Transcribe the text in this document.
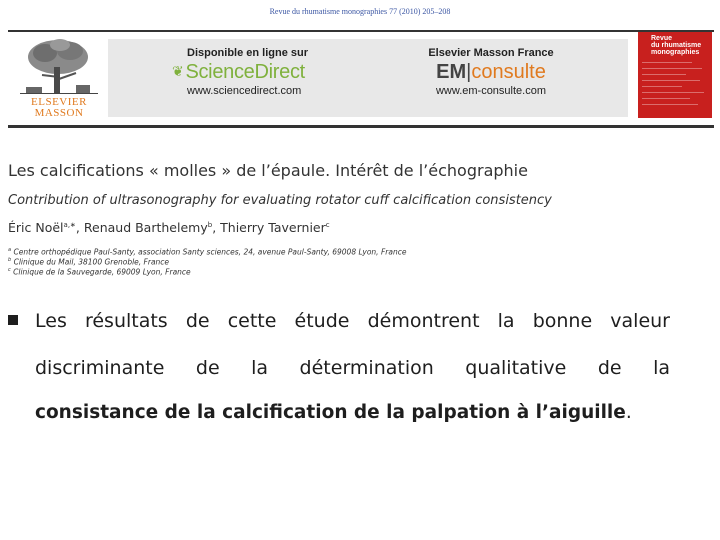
Revue du rhumatisme monographies 77 (2010) 205–208
ELSEVIER
MASSON
Disponible en ligne sur
❦ ScienceDirect
www.sciencedirect.com
Elsevier Masson France
EM|consulte
www.em-consulte.com
Revue
du rhumatisme
monographies
Les calcifications « molles » de l’épaule. Intérêt de l’échographie
Contribution of ultrasonography for evaluating rotator cuff calcification consistency
Éric Noël$^{a,∗}$, Renaud Barthelemy$^b$, Thierry Tavernier$^c$
$^a$ Centre orthopédique Paul-Santy, association Santy sciences, 24, avenue Paul-Santy, 69008 Lyon, France
$^b$ Clinique du Mail, 38100 Grenoble, France
$^c$ Clinique de la Sauvegarde, 69009 Lyon, France
Les résultats de cette étude démontrent la bonne valeur
discriminante de la détermination qualitative de la
consistance de la calcification de la palpation à l’aiguille.
